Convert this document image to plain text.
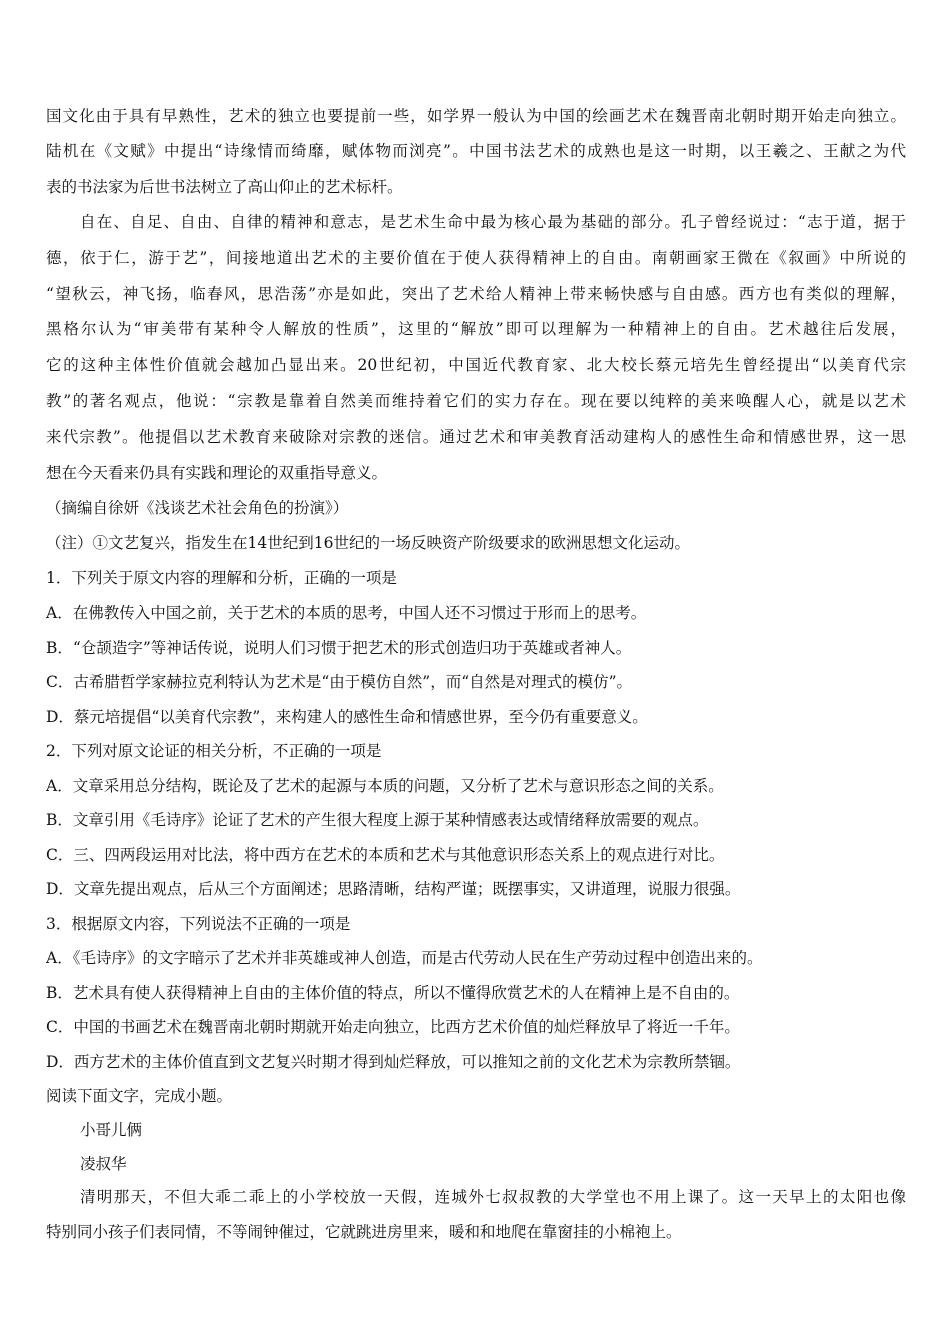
国文化由于具有早熟性，艺术的独立也要提前一些，如学界一般认为中国的绘画艺术在魏晋南北朝时期开始走向独立。
陆机在《文赋》中提出“诗缘情而绮靡，赋体物而浏亮”。中国书法艺术的成熟也是这一时期，以王羲之、王献之为代
表的书法家为后世书法树立了高山仰止的艺术标杆。
自在、自足、自由、自律的精神和意志，是艺术生命中最为核心最为基础的部分。孔子曾经说过：“志于道，据于
德，依于仁，游于艺”，间接地道出艺术的主要价值在于使人获得精神上的自由。南朝画家王微在《叙画》中所说的
“望秋云，神飞扬，临春风，思浩荡”亦是如此，突出了艺术给人精神上带来畅快感与自由感。西方也有类似的理解，
黑格尔认为“审美带有某种令人解放的性质”，这里的“解放”即可以理解为一种精神上的自由。艺术越往后发展，
它的这种主体性价值就会越加凸显出来。20世纪初，中国近代教育家、北大校长蔡元培先生曾经提出“以美育代宗
教”的著名观点，他说：“宗教是靠着自然美而维持着它们的实力存在。现在要以纯粹的美来唤醒人心，就是以艺术
来代宗教”。他提倡以艺术教育来破除对宗教的迷信。通过艺术和审美教育活动建构人的感性生命和情感世界，这一思
想在今天看来仍具有实践和理论的双重指导意义。
（摘编自徐妍《浅谈艺术社会角色的扮演》）
（注）①文艺复兴，指发生在14世纪到16世纪的一场反映资产阶级要求的欧洲思想文化运动。
1．下列关于原文内容的理解和分析，正确的一项是
A．在佛教传入中国之前，关于艺术的本质的思考，中国人还不习惯过于形而上的思考。
B．“仓颉造字”等神话传说，说明人们习惯于把艺术的形式创造归功于英雄或者神人。
C．古希腊哲学家赫拉克利特认为艺术是“由于模仿自然”，而“自然是对理式的模仿”。
D．蔡元培提倡“以美育代宗教”，来构建人的感性生命和情感世界，至今仍有重要意义。
2．下列对原文论证的相关分析，不正确的一项是
A．文章采用总分结构，既论及了艺术的起源与本质的问题，又分析了艺术与意识形态之间的关系。
B．文章引用《毛诗序》论证了艺术的产生很大程度上源于某种情感表达或情绪释放需要的观点。
C．三、四两段运用对比法，将中西方在艺术的本质和艺术与其他意识形态关系上的观点进行对比。
D．文章先提出观点，后从三个方面阐述；思路清晰，结构严谨；既摆事实，又讲道理，说服力很强。
3．根据原文内容，下列说法不正确的一项是
A．《毛诗序》的文字暗示了艺术并非英雄或神人创造，而是古代劳动人民在生产劳动过程中创造出来的。
B．艺术具有使人获得精神上自由的主体价值的特点，所以不懂得欣赏艺术的人在精神上是不自由的。
C．中国的书画艺术在魏晋南北朝时期就开始走向独立，比西方艺术价值的灿烂释放早了将近一千年。
D．西方艺术的主体价值直到文艺复兴时期才得到灿烂释放，可以推知之前的文化艺术为宗教所禁锢。
阅读下面文字，完成小题。
小哥儿俩
凌叔华
清明那天，不但大乖二乖上的小学校放一天假，连城外七叔叔教的大学堂也不用上课了。这一天早上的太阳也像
特别同小孩子们表同情，不等闹钟催过，它就跳进房里来，暖和和地爬在靠窗挂的小棉袍上。
